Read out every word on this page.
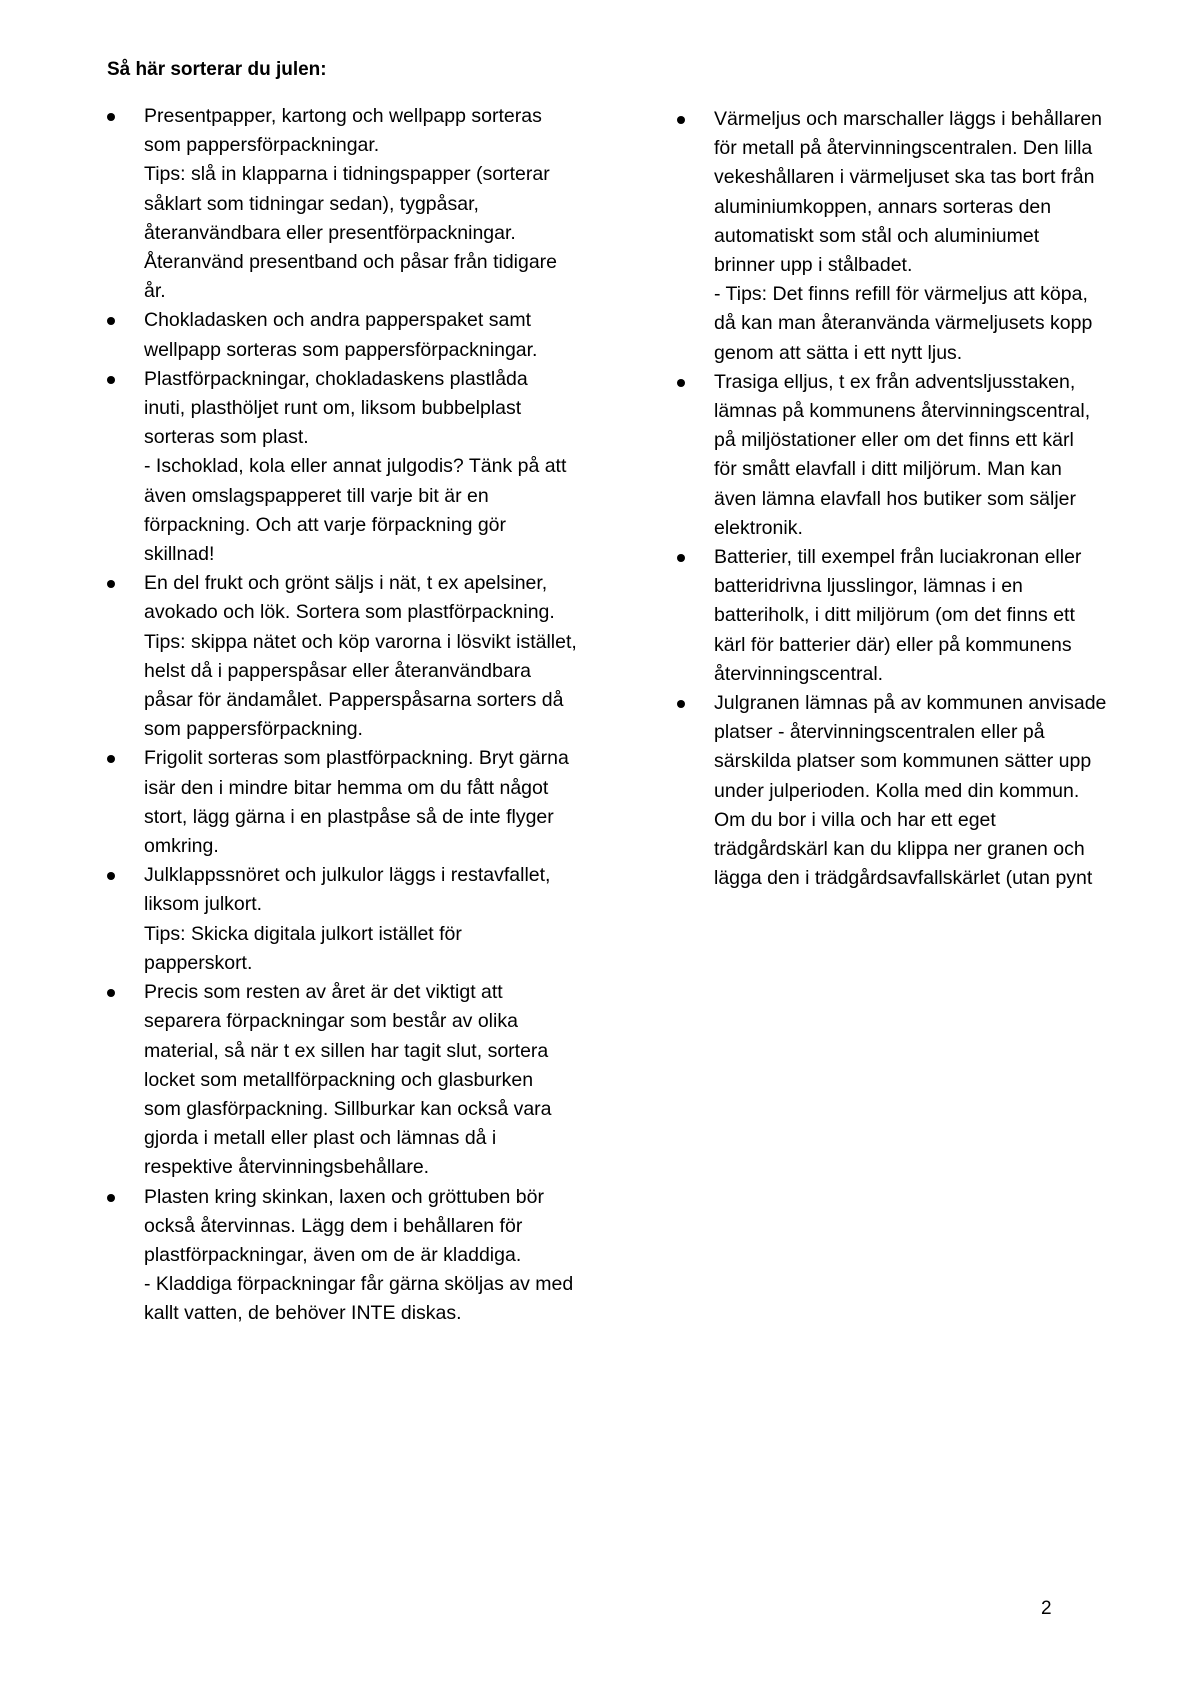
Så här sorterar du julen:
Presentpapper, kartong och wellpapp sorteras
som pappersförpackningar.
Tips: slå in klapparna i tidningspapper (sorterar
såklart som tidningar sedan), tygpåsar,
återanvändbara eller presentförpackningar.
Återanvänd presentband och påsar från tidigare
år.
Chokladasken och andra papperspaket samt
wellpapp sorteras som pappersförpackningar.
Plastförpackningar, chokladaskens plastlåda
inuti, plasthöljet runt om, liksom bubbelplast
sorteras som plast.
- Ischoklad, kola eller annat julgodis? Tänk på att
även omslagspapperet till varje bit är en
förpackning. Och att varje förpackning gör
skillnad!
En del frukt och grönt säljs i nät, t ex apelsiner,
avokado och lök. Sortera som plastförpackning.
Tips: skippa nätet och köp varorna i lösvikt istället,
helst då i papperspåsar eller återanvändbara
påsar för ändamålet. Papperspåsarna sorters då
som pappersförpackning.
Frigolit sorteras som plastförpackning. Bryt gärna
isär den i mindre bitar hemma om du fått något
stort, lägg gärna i en plastpåse så de inte flyger
omkring.
Julklappssnöret och julkulor läggs i restavfallet,
liksom julkort.
Tips: Skicka digitala julkort istället för
papperskort.
Precis som resten av året är det viktigt att
separera förpackningar som består av olika
material, så när t ex sillen har tagit slut, sortera
locket som metallförpackning och glasburken
som glasförpackning. Sillburkar kan också vara
gjorda i metall eller plast och lämnas då i
respektive återvinningsbehållare.
Plasten kring skinkan, laxen och gröttuben bör
också återvinnas. Lägg dem i behållaren för
plastförpackningar, även om de är kladdiga.
- Kladdiga förpackningar får gärna sköljas av med
kallt vatten, de behöver INTE diskas.
Värmeljus och marschaller läggs i behållaren
för metall på återvinningscentralen. Den lilla
vekeshållaren i värmeljuset ska tas bort från
aluminiumkoppen, annars sorteras den
automatiskt som stål och aluminiumet
brinner upp i stålbadet.
- Tips: Det finns refill för värmeljus att köpa,
då kan man återanvända värmeljusets kopp
genom att sätta i ett nytt ljus.
Trasiga elljus, t ex från adventsljusstaken,
lämnas på kommunens återvinningscentral,
på miljöstationer eller om det finns ett kärl
för smått elavfall i ditt miljörum. Man kan
även lämna elavfall hos butiker som säljer
elektronik.
Batterier, till exempel från luciakronan eller
batteridrivna ljusslingor, lämnas i en
batteriholk, i ditt miljörum (om det finns ett
kärl för batterier där) eller på kommunens
återvinningscentral.
Julgranen lämnas på av kommunen anvisade
platser - återvinningscentralen eller på
särskilda platser som kommunen sätter upp
under julperioden. Kolla med din kommun.
Om du bor i villa och har ett eget
trädgårdskärl kan du klippa ner granen och
lägga den i trädgårdsavfallskärlet (utan pynt
2
